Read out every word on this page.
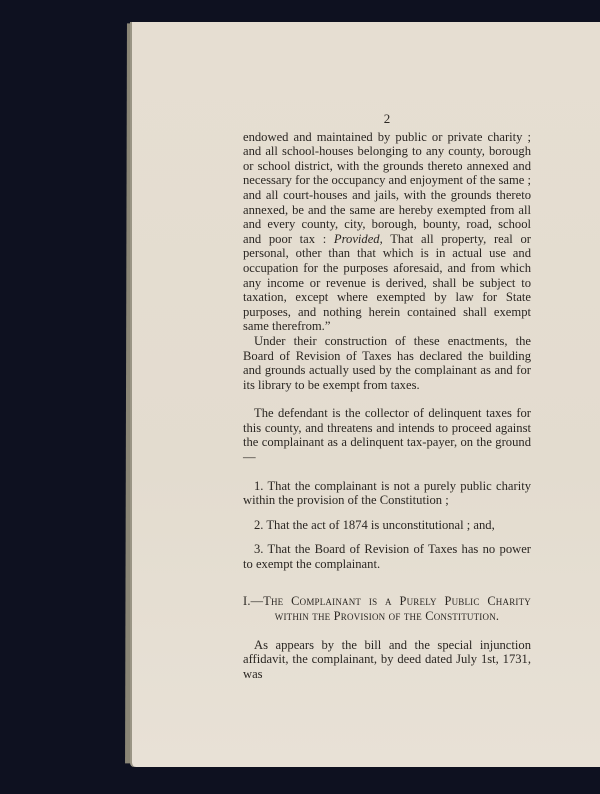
2

endowed and maintained by public or private charity ; and all school-houses belonging to any county, borough or school district, with the grounds thereto annexed and necessary for the occupancy and enjoyment of the same ; and all court-houses and jails, with the grounds thereto annexed, be and the same are hereby exempted from all and every county, city, borough, bounty, road, school and poor tax : Provided, That all property, real or personal, other than that which is in actual use and occupation for the purposes aforesaid, and from which any income or revenue is derived, shall be subject to taxation, except where exempted by law for State purposes, and nothing herein contained shall exempt same therefrom.”

Under their construction of these enactments, the Board of Revision of Taxes has declared the building and grounds actually used by the complainant as and for its library to be exempt from taxes.

The defendant is the collector of delinquent taxes for this county, and threatens and intends to proceed against the complainant as a delinquent tax-payer, on the ground—

1. That the complainant is not a purely public charity within the provision of the Constitution ;

2. That the act of 1874 is unconstitutional ; and,

3. That the Board of Revision of Taxes has no power to exempt the complainant.

I.—The Complainant is a Purely Public Charity
within the Provision of the Constitution.

As appears by the bill and the special injunction affidavit, the complainant, by deed dated July 1st, 1731, was
